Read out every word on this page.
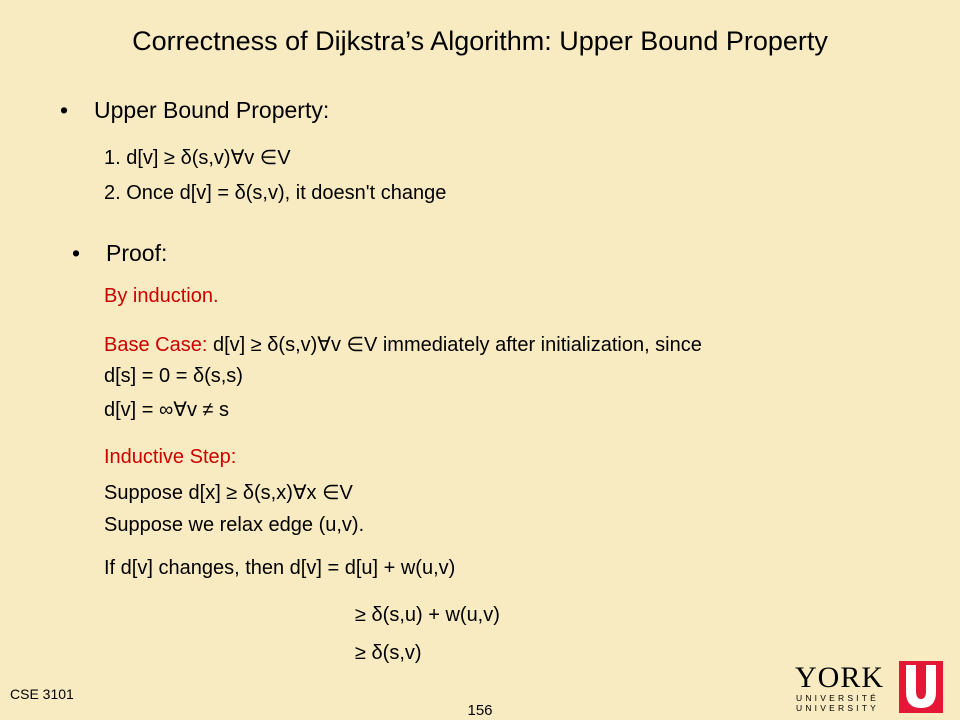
Correctness of Dijkstra’s Algorithm: Upper Bound Property
• Upper Bound Property:
1. d[v] ≥ δ(s,v)∀v ∈V
2. Once d[v] = δ(s,v), it doesn't change
• Proof:
By induction.
Base Case: d[v] ≥ δ(s,v)∀v ∈V immediately after initialization, since
d[s] = 0 = δ(s,s)
d[v] = ∞∀v ≠ s
Inductive Step:
Suppose d[x] ≥ δ(s,x)∀x ∈V
Suppose we relax edge (u,v).
If d[v] changes, then d[v] = d[u] + w(u,v)
≥ δ(s,u) + w(u,v)
≥ δ(s,v)
CSE 3101
156
YORK
UNIVERSITÉ
UNIVERSITY
